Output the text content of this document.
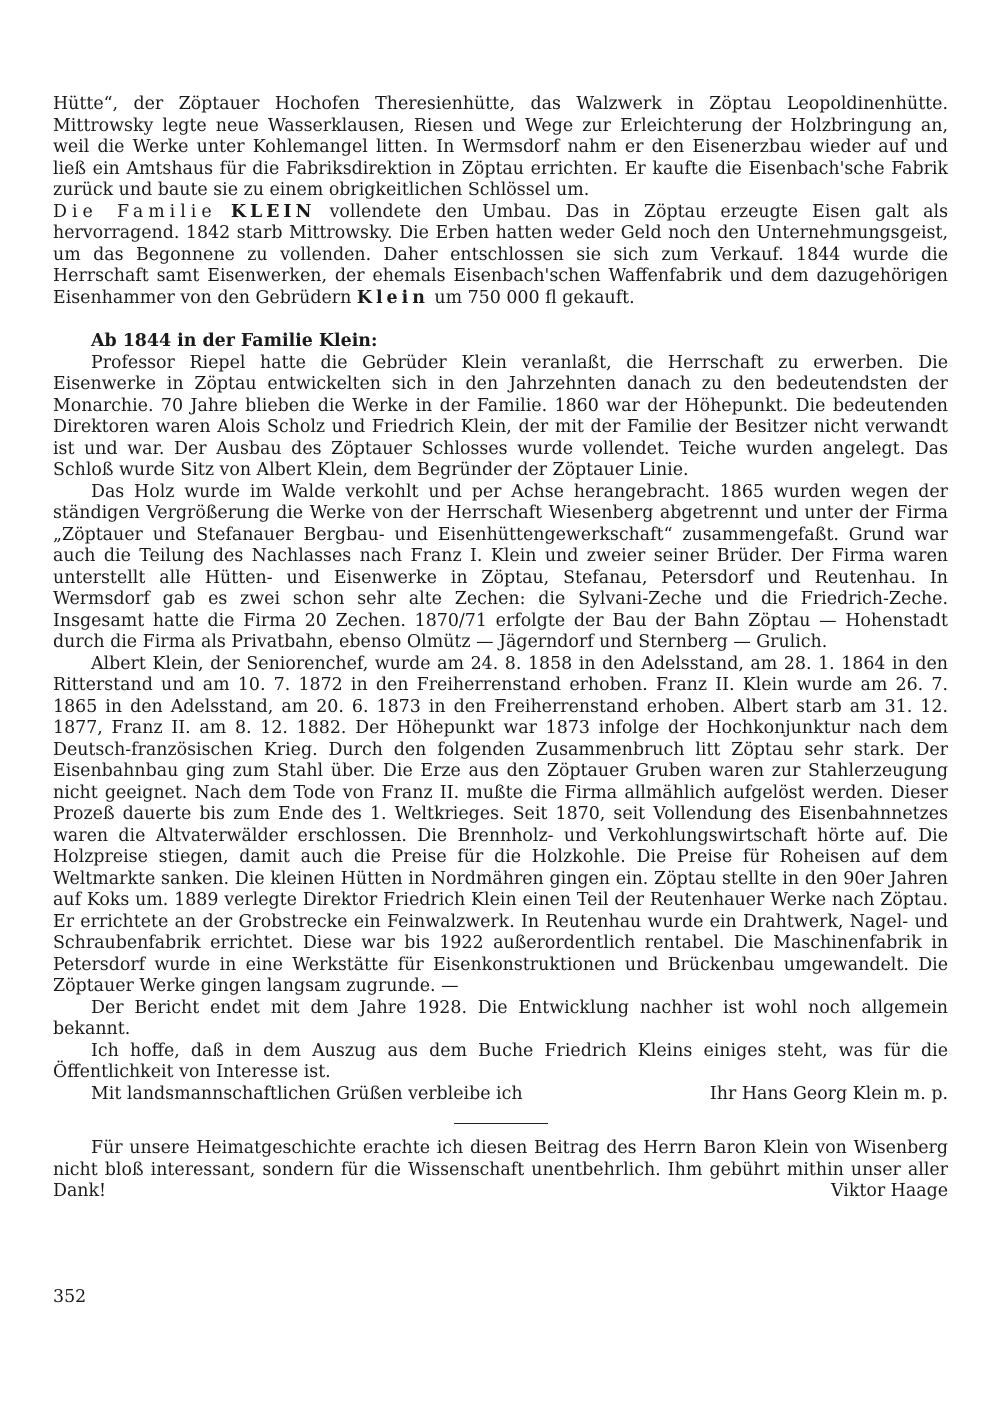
Hütte“, der Zöptauer Hochofen Theresienhütte, das Walzwerk in Zöptau Leopoldinenhütte. Mittrowsky legte neue Wasserklausen, Riesen und Wege zur Erleichterung der Holzbringung an, weil die Werke unter Kohlemangel litten. In Wermsdorf nahm er den Eisenerzbau wieder auf und ließ ein Amtshaus für die Fabriksdirektion in Zöptau errichten. Er kaufte die Eisenbach'sche Fabrik zurück und baute sie zu einem obrigkeitlichen Schlössel um.

Die Familie KLEIN vollendete den Umbau. Das in Zöptau erzeugte Eisen galt als hervorragend. 1842 starb Mittrowsky. Die Erben hatten weder Geld noch den Unternehmungsgeist, um das Begonnene zu vollenden. Daher entschlossen sie sich zum Verkauf. 1844 wurde die Herrschaft samt Eisenwerken, der ehemals Eisenbach'schen Waffenfabrik und dem dazugehörigen Eisenhammer von den Gebrüdern Klein um 750 000 fl gekauft.

Ab 1844 in der Familie Klein:

Professor Riepel hatte die Gebrüder Klein veranlaßt, die Herrschaft zu erwerben. Die Eisenwerke in Zöptau entwickelten sich in den Jahrzehnten danach zu den bedeutendsten der Monarchie. 70 Jahre blieben die Werke in der Familie. 1860 war der Höhepunkt. Die bedeutenden Direktoren waren Alois Scholz und Friedrich Klein, der mit der Familie der Besitzer nicht verwandt ist und war. Der Ausbau des Zöptauer Schlosses wurde vollendet. Teiche wurden angelegt. Das Schloß wurde Sitz von Albert Klein, dem Begründer der Zöptauer Linie.

Das Holz wurde im Walde verkohlt und per Achse herangebracht. 1865 wurden wegen der ständigen Vergrößerung die Werke von der Herrschaft Wiesenberg abgetrennt und unter der Firma „Zöptauer und Stefanauer Bergbau- und Eisenhüttengewerkschaft“ zusammengefaßt. Grund war auch die Teilung des Nachlasses nach Franz I. Klein und zweier seiner Brüder. Der Firma waren unterstellt alle Hütten- und Eisenwerke in Zöptau, Stefanau, Petersdorf und Reutenhau. In Wermsdorf gab es zwei schon sehr alte Zechen: die Sylvani-Zeche und die Friedrich-Zeche. Insgesamt hatte die Firma 20 Zechen. 1870/71 erfolgte der Bau der Bahn Zöptau — Hohenstadt durch die Firma als Privatbahn, ebenso Olmütz — Jägerndorf und Sternberg — Grulich.

Albert Klein, der Seniorenchef, wurde am 24. 8. 1858 in den Adelsstand, am 28. 1. 1864 in den Ritterstand und am 10. 7. 1872 in den Freiherrenstand erhoben. Franz II. Klein wurde am 26. 7. 1865 in den Adelsstand, am 20. 6. 1873 in den Freiherrenstand erhoben. Albert starb am 31. 12. 1877, Franz II. am 8. 12. 1882. Der Höhepunkt war 1873 infolge der Hochkonjunktur nach dem Deutsch-französischen Krieg. Durch den folgenden Zusammenbruch litt Zöptau sehr stark. Der Eisenbahnbau ging zum Stahl über. Die Erze aus den Zöptauer Gruben waren zur Stahlerzeugung nicht geeignet. Nach dem Tode von Franz II. mußte die Firma allmählich aufgelöst werden. Dieser Prozeß dauerte bis zum Ende des 1. Weltkrieges. Seit 1870, seit Vollendung des Eisenbahnnetzes waren die Altvaterwälder erschlossen. Die Brennholz- und Verkohlungswirtschaft hörte auf. Die Holzpreise stiegen, damit auch die Preise für die Holzkohle. Die Preise für Roheisen auf dem Weltmarkte sanken. Die kleinen Hütten in Nordmähren gingen ein. Zöptau stellte in den 90er Jahren auf Koks um. 1889 verlegte Direktor Friedrich Klein einen Teil der Reutenhauer Werke nach Zöptau. Er errichtete an der Grobstrecke ein Feinwalzwerk. In Reutenhau wurde ein Drahtwerk, Nagel- und Schraubenfabrik errichtet. Diese war bis 1922 außerordentlich rentabel. Die Maschinenfabrik in Petersdorf wurde in eine Werkstätte für Eisenkonstruktionen und Brückenbau umgewandelt. Die Zöptauer Werke gingen langsam zugrunde. —

Der Bericht endet mit dem Jahre 1928. Die Entwicklung nachher ist wohl noch allgemein bekannt.

Ich hoffe, daß in dem Auszug aus dem Buche Friedrich Kleins einiges steht, was für die Öffentlichkeit von Interesse ist.

Mit landsmannschaftlichen Grüßen verbleibe ich	Ihr Hans Georg Klein m. p.

Für unsere Heimatgeschichte erachte ich diesen Beitrag des Herrn Baron Klein von Wisenberg nicht bloß interessant, sondern für die Wissenschaft unentbehrlich. Ihm gebührt mithin unser aller Dank!	Viktor Haage

352
